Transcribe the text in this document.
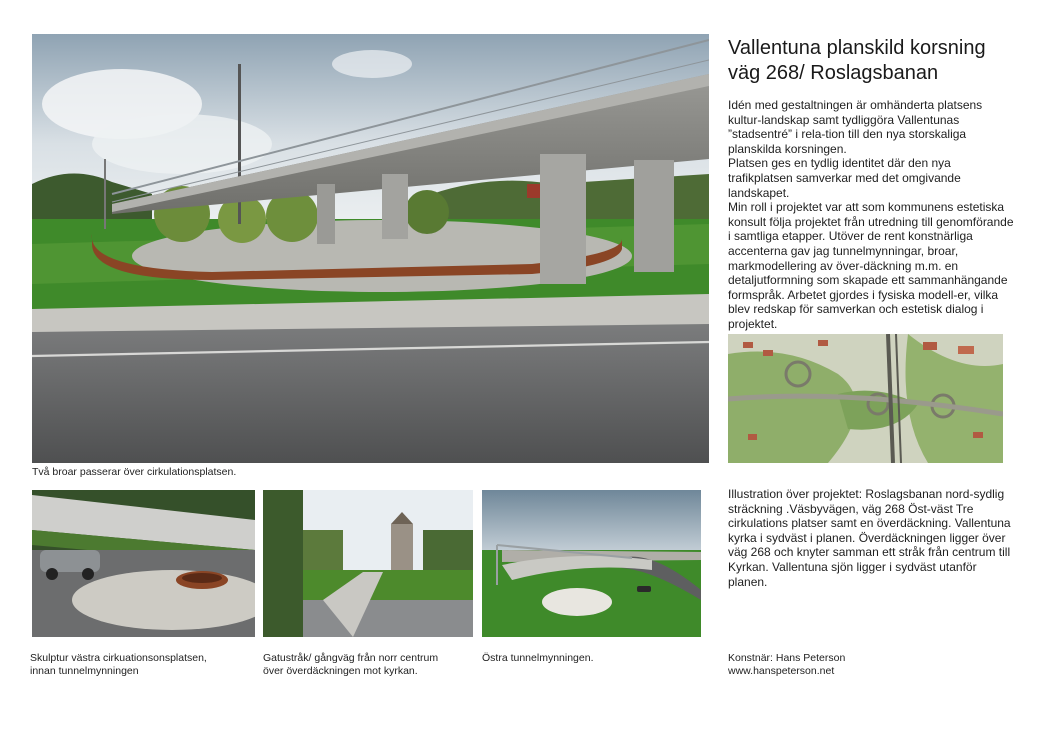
Två broar passerar över cirkulationsplatsen.
Vallentuna planskild korsning
väg 268/ Roslagsbanan

Idén med gestaltningen är omhänderta platsens kultur-landskap samt tydliggöra Vallentunas ”stadsentré” i rela-tion till den nya storskaliga planskilda korsningen.

Platsen ges en tydlig identitet där den nya trafikplatsen samverkar med det omgivande landskapet.

Min roll i projektet var att som kommunens estetiska konsult följa projektet från utredning till genomförande i samtliga etapper. Utöver de rent konstnärliga accenterna gav jag tunnelmynningar, broar, markmodellering av över-däckning m.m. en detaljutformning som skapade ett sammanhängande formspråk. Arbetet gjordes i fysiska modell-er, vilka blev redskap för samverkan och estetisk dialog i projektet.

Illustration över projektet: Roslagsbanan nord-sydlig sträckning .Väsbyvägen, väg 268 Öst-väst Tre cirkulations platser samt en överdäckning. Vallentuna kyrka i sydväst i planen. Överdäckningen ligger över väg 268 och knyter samman ett stråk från centrum till Kyrkan. Vallentuna sjön ligger i sydväst utanför planen.
Skulptur västra cirkuationsonsplatsen,
innan tunnelmynningen
Gatustråk/ gångväg från norr centrum
över överdäckningen mot kyrkan.
Östra tunnelmynningen.	Konstnär: Hans Peterson
www.hanspeterson.net
